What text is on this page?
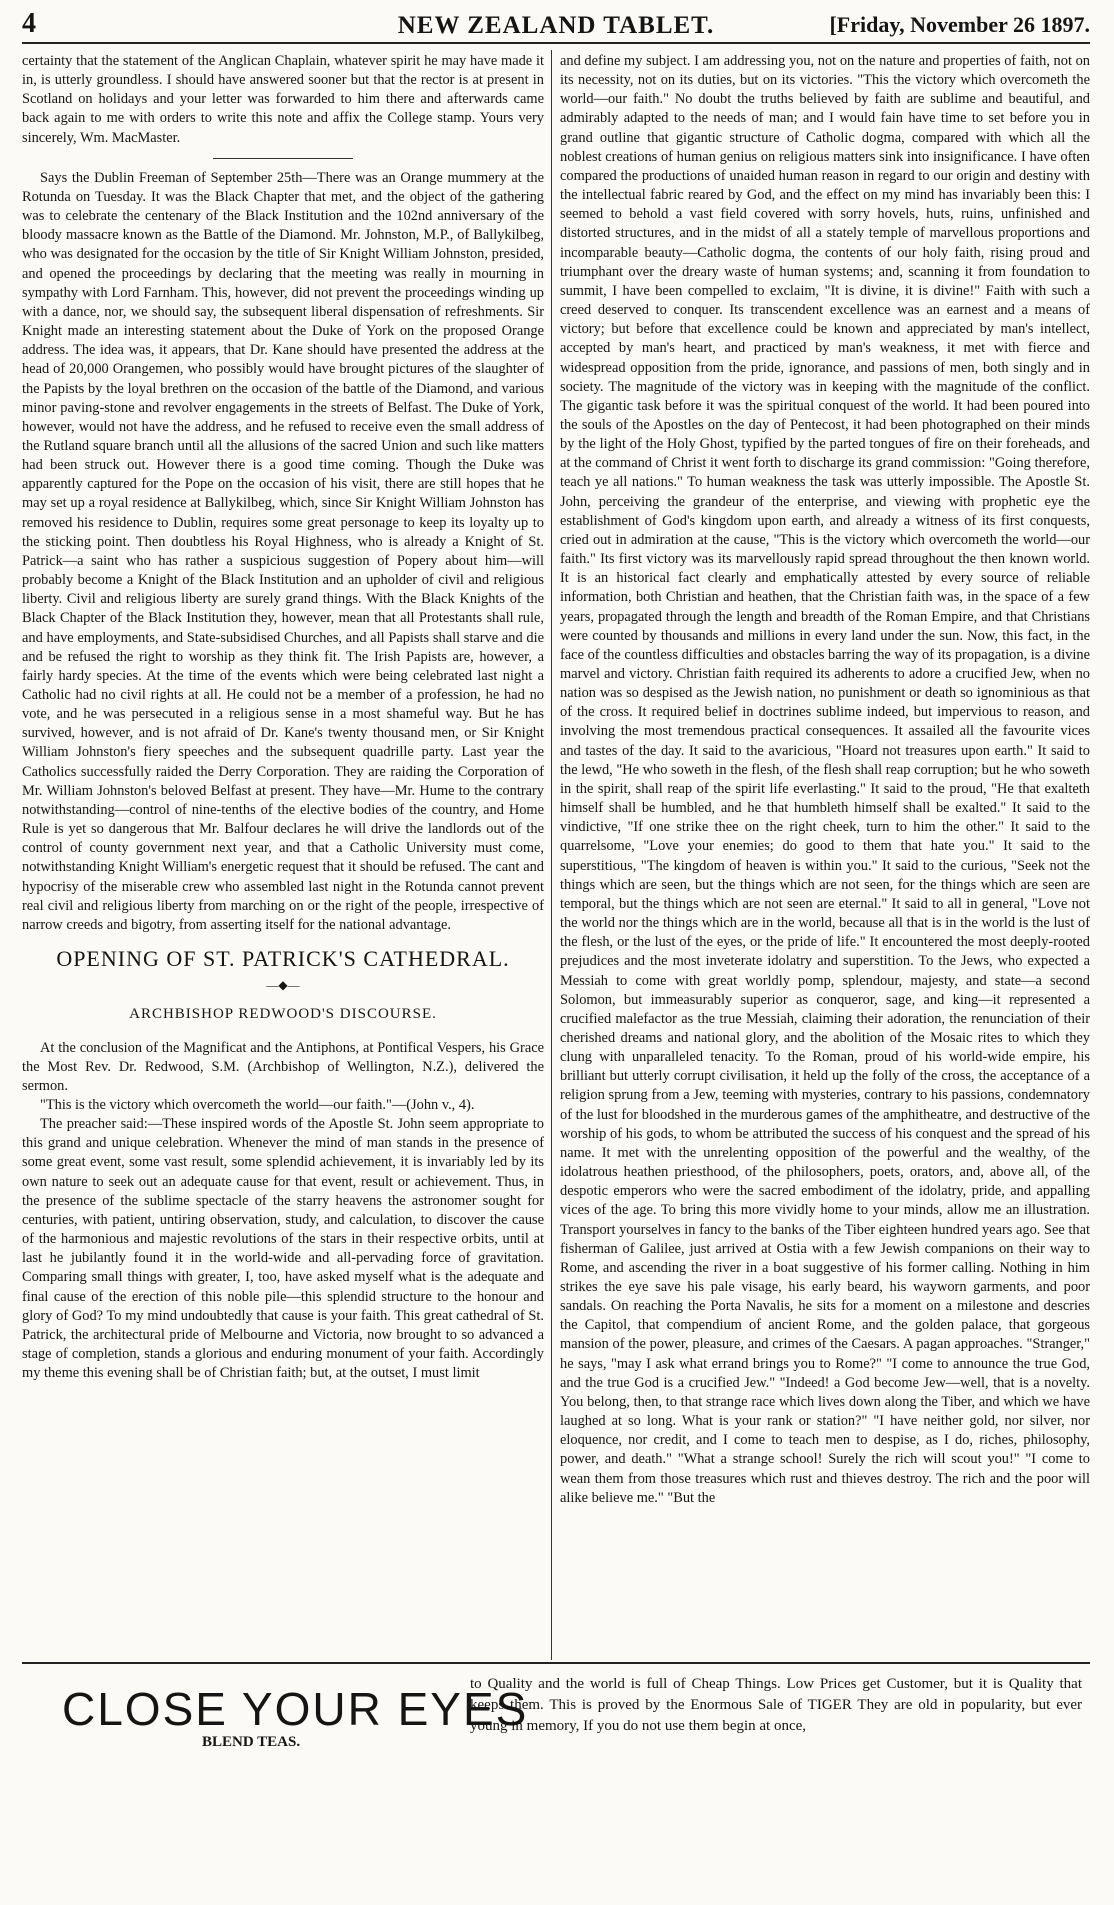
4	NEW ZEALAND TABLET.	[Friday, November 26 1897.

certainty that the statement of the Anglican Chaplain, whatever spirit he may have made it in, is utterly groundless. I should have answered sooner but that the rector is at present in Scotland on holidays and your letter was forwarded to him there and afterwards came back again to me with orders to write this note and affix the College stamp. Yours very sincerely, Wm. MacMaster.

Says the Dublin Freeman of September 25th—There was an Orange mummery at the Rotunda on Tuesday. It was the Black Chapter that met, and the object of the gathering was to celebrate the centenary of the Black Institution and the 102nd anniversary of the bloody massacre known as the Battle of the Diamond. Mr. Johnston, M.P., of Ballykilbeg, who was designated for the occasion by the title of Sir Knight William Johnston, presided, and opened the proceedings by declaring that the meeting was really in mourning in sympathy with Lord Farnham. This, however, did not prevent the proceedings winding up with a dance, nor, we should say, the subsequent liberal dispensation of refreshments. Sir Knight made an interesting statement about the Duke of York on the proposed Orange address. The idea was, it appears, that Dr. Kane should have presented the address at the head of 20,000 Orangemen, who possibly would have brought pictures of the slaughter of the Papists by the loyal brethren on the occasion of the battle of the Diamond, and various minor paving-stone and revolver engagements in the streets of Belfast. The Duke of York, however, would not have the address, and he refused to receive even the small address of the Rutland square branch until all the allusions of the sacred Union and such like matters had been struck out. However there is a good time coming. Though the Duke was apparently captured for the Pope on the occasion of his visit, there are still hopes that he may set up a royal residence at Ballykilbeg, which, since Sir Knight William Johnston has removed his residence to Dublin, requires some great personage to keep its loyalty up to the sticking point. Then doubtless his Royal Highness, who is already a Knight of St. Patrick—a saint who has rather a suspicious suggestion of Popery about him—will probably become a Knight of the Black Institution and an upholder of civil and religious liberty. Civil and religious liberty are surely grand things. With the Black Knights of the Black Chapter of the Black Institution they, however, mean that all Protestants shall rule, and have employments, and State-subsidised Churches, and all Papists shall starve and die and be refused the right to worship as they think fit. The Irish Papists are, however, a fairly hardy species. At the time of the events which were being celebrated last night a Catholic had no civil rights at all. He could not be a member of a profession, he had no vote, and he was persecuted in a religious sense in a most shameful way. But he has survived, however, and is not afraid of Dr. Kane's twenty thousand men, or Sir Knight William Johnston's fiery speeches and the subsequent quadrille party. Last year the Catholics successfully raided the Derry Corporation. They are raiding the Corporation of Mr. William Johnston's beloved Belfast at present. They have—Mr. Hume to the contrary notwithstanding—control of nine-tenths of the elective bodies of the country, and Home Rule is yet so dangerous that Mr. Balfour declares he will drive the landlords out of the control of county government next year, and that a Catholic University must come, notwithstanding Knight William's energetic request that it should be refused. The cant and hypocrisy of the miserable crew who assembled last night in the Rotunda cannot prevent real civil and religious liberty from marching on or the right of the people, irrespective of narrow creeds and bigotry, from asserting itself for the national advantage.

OPENING OF ST. PATRICK'S CATHEDRAL.
—◆—
ARCHBISHOP REDWOOD'S DISCOURSE.

At the conclusion of the Magnificat and the Antiphons, at Pontifical Vespers, his Grace the Most Rev. Dr. Redwood, S.M. (Archbishop of Wellington, N.Z.), delivered the sermon.

"This is the victory which overcometh the world—our faith."—(John v., 4).

The preacher said:—These inspired words of the Apostle St. John seem appropriate to this grand and unique celebration. Whenever the mind of man stands in the presence of some great event, some vast result, some splendid achievement, it is invariably led by its own nature to seek out an adequate cause for that event, result or achievement. Thus, in the presence of the sublime spectacle of the starry heavens the astronomer sought for centuries, with patient, untiring observation, study, and calculation, to discover the cause of the harmonious and majestic revolutions of the stars in their respective orbits, until at last he jubilantly found it in the world-wide and all-pervading force of gravitation. Comparing small things with greater, I, too, have asked myself what is the adequate and final cause of the erection of this noble pile—this splendid structure to the honour and glory of God? To my mind undoubtedly that cause is your faith. This great cathedral of St. Patrick, the architectural pride of Melbourne and Victoria, now brought to so advanced a stage of completion, stands a glorious and enduring monument of your faith. Accordingly my theme this evening shall be of Christian faith; but, at the outset, I must limit

and define my subject. I am addressing you, not on the nature and properties of faith, not on its necessity, not on its duties, but on its victories. "This the victory which overcometh the world—our faith." No doubt the truths believed by faith are sublime and beautiful, and admirably adapted to the needs of man; and I would fain have time to set before you in grand outline that gigantic structure of Catholic dogma, compared with which all the noblest creations of human genius on religious matters sink into insignificance. I have often compared the productions of unaided human reason in regard to our origin and destiny with the intellectual fabric reared by God, and the effect on my mind has invariably been this: I seemed to behold a vast field covered with sorry hovels, huts, ruins, unfinished and distorted structures, and in the midst of all a stately temple of marvellous proportions and incomparable beauty—Catholic dogma, the contents of our holy faith, rising proud and triumphant over the dreary waste of human systems; and, scanning it from foundation to summit, I have been compelled to exclaim, "It is divine, it is divine!" Faith with such a creed deserved to conquer. Its transcendent excellence was an earnest and a means of victory; but before that excellence could be known and appreciated by man's intellect, accepted by man's heart, and practiced by man's weakness, it met with fierce and widespread opposition from the pride, ignorance, and passions of men, both singly and in society. The magnitude of the victory was in keeping with the magnitude of the conflict. The gigantic task before it was the spiritual conquest of the world. It had been poured into the souls of the Apostles on the day of Pentecost, it had been photographed on their minds by the light of the Holy Ghost, typified by the parted tongues of fire on their foreheads, and at the command of Christ it went forth to discharge its grand commission: "Going therefore, teach ye all nations." To human weakness the task was utterly impossible. The Apostle St. John, perceiving the grandeur of the enterprise, and viewing with prophetic eye the establishment of God's kingdom upon earth, and already a witness of its first conquests, cried out in admiration at the cause, "This is the victory which overcometh the world—our faith." Its first victory was its marvellously rapid spread throughout the then known world. It is an historical fact clearly and emphatically attested by every source of reliable information, both Christian and heathen, that the Christian faith was, in the space of a few years, propagated through the length and breadth of the Roman Empire, and that Christians were counted by thousands and millions in every land under the sun. Now, this fact, in the face of the countless difficulties and obstacles barring the way of its propagation, is a divine marvel and victory. Christian faith required its adherents to adore a crucified Jew, when no nation was so despised as the Jewish nation, no punishment or death so ignominious as that of the cross. It required belief in doctrines sublime indeed, but impervious to reason, and involving the most tremendous practical consequences. It assailed all the favourite vices and tastes of the day. It said to the avaricious, "Hoard not treasures upon earth." It said to the lewd, "He who soweth in the flesh, of the flesh shall reap corruption; but he who soweth in the spirit, shall reap of the spirit life everlasting." It said to the proud, "He that exalteth himself shall be humbled, and he that humbleth himself shall be exalted." It said to the vindictive, "If one strike thee on the right cheek, turn to him the other." It said to the quarrelsome, "Love your enemies; do good to them that hate you." It said to the superstitious, "The kingdom of heaven is within you." It said to the curious, "Seek not the things which are seen, but the things which are not seen, for the things which are seen are temporal, but the things which are not seen are eternal." It said to all in general, "Love not the world nor the things which are in the world, because all that is in the world is the lust of the flesh, or the lust of the eyes, or the pride of life." It encountered the most deeply-rooted prejudices and the most inveterate idolatry and superstition. To the Jews, who expected a Messiah to come with great worldly pomp, splendour, majesty, and state—a second Solomon, but immeasurably superior as conqueror, sage, and king—it represented a crucified malefactor as the true Messiah, claiming their adoration, the renunciation of their cherished dreams and national glory, and the abolition of the Mosaic rites to which they clung with unparalleled tenacity. To the Roman, proud of his world-wide empire, his brilliant but utterly corrupt civilisation, it held up the folly of the cross, the acceptance of a religion sprung from a Jew, teeming with mysteries, contrary to his passions, condemnatory of the lust for bloodshed in the murderous games of the amphitheatre, and destructive of the worship of his gods, to whom be attributed the success of his conquest and the spread of his name. It met with the unrelenting opposition of the powerful and the wealthy, of the idolatrous heathen priesthood, of the philosophers, poets, orators, and, above all, of the despotic emperors who were the sacred embodiment of the idolatry, pride, and appalling vices of the age. To bring this more vividly home to your minds, allow me an illustration. Transport yourselves in fancy to the banks of the Tiber eighteen hundred years ago. See that fisherman of Galilee, just arrived at Ostia with a few Jewish companions on their way to Rome, and ascending the river in a boat suggestive of his former calling. Nothing in him strikes the eye save his pale visage, his early beard, his wayworn garments, and poor sandals. On reaching the Porta Navalis, he sits for a moment on a milestone and descries the Capitol, that compendium of ancient Rome, and the golden palace, that gorgeous mansion of the power, pleasure, and crimes of the Caesars. A pagan approaches. "Stranger," he says, "may I ask what errand brings you to Rome?" "I come to announce the true God, and the true God is a crucified Jew." "Indeed! a God become Jew—well, that is a novelty. You belong, then, to that strange race which lives down along the Tiber, and which we have laughed at so long. What is your rank or station?" "I have neither gold, nor silver, nor eloquence, nor credit, and I come to teach men to despise, as I do, riches, philosophy, power, and death." "What a strange school! Surely the rich will scout you!" "I come to wean them from those treasures which rust and thieves destroy. The rich and the poor will alike believe me." "But the

CLOSE YOUR EYES
BLEND TEAS.
to Quality and the world is full of Cheap Things. Low Prices get Customer, but it is Quality that keeps them. This is proved by the Enormous Sale of TIGER They are old in popularity, but ever young in memory, If you do not use them begin at once,
